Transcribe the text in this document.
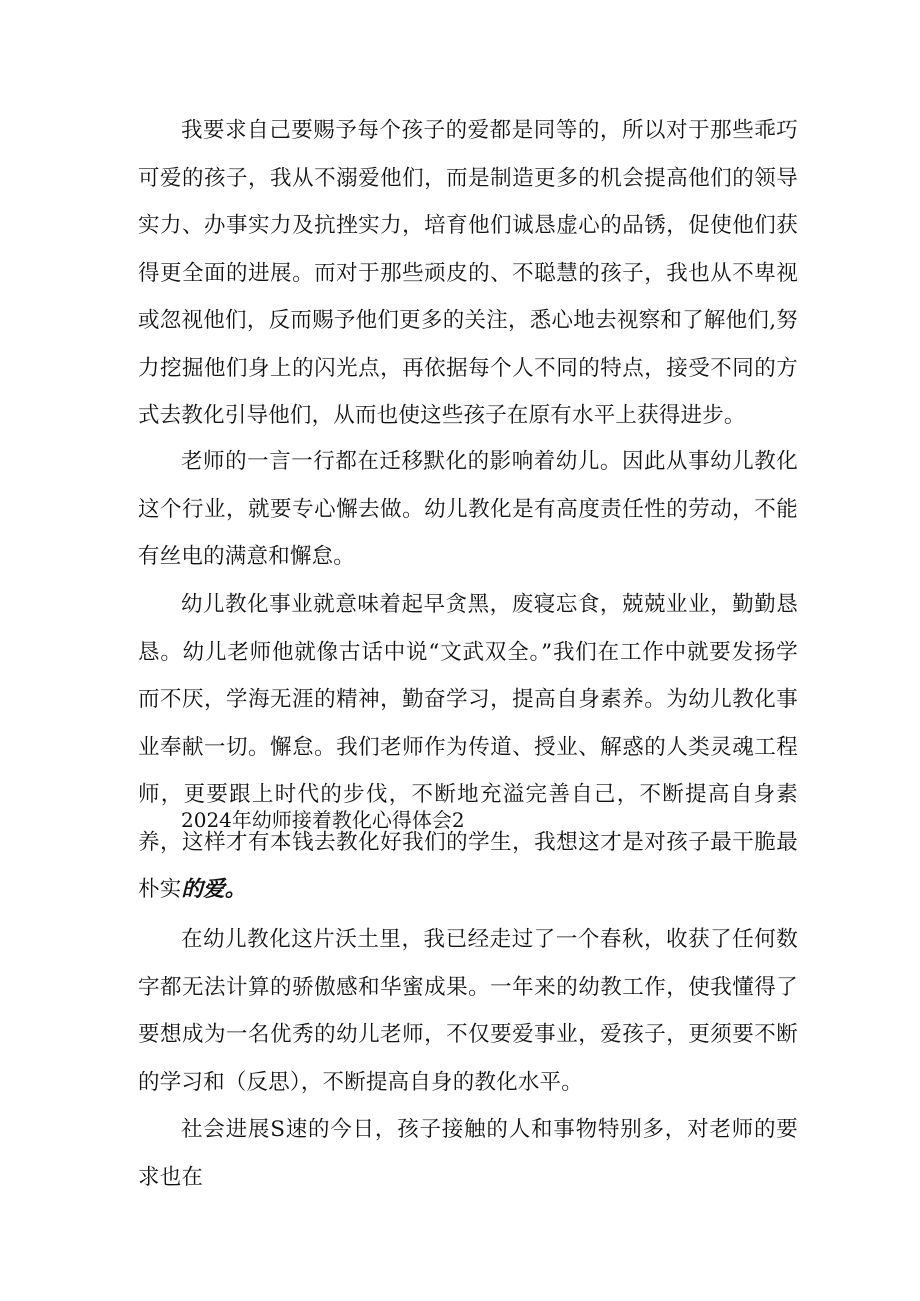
我要求自己要赐予每个孩子的爱都是同等的，所以对于那些乖巧可爱的孩子，我从不溺爱他们，而是制造更多的机会提高他们的领导实力、办事实力及抗挫实力，培育他们诚恳虚心的品锈，促使他们获得更全面的进展。而对于那些顽皮的、不聪慧的孩子，我也从不卑视或忽视他们，反而赐予他们更多的关注，悉心地去视察和了解他们,努力挖掘他们身上的闪光点，再依据每个人不同的特点，接受不同的方式去教化引导他们，从而也使这些孩子在原有水平上获得进步。

老师的一言一行都在迁移默化的影响着幼儿。因此从事幼儿教化这个行业，就要专心懈去做。幼儿教化是有高度责任性的劳动，不能有丝电的满意和懈怠。

幼儿教化事业就意味着起早贪黑，废寝忘食，兢兢业业，勤勤恳恳。幼儿老师他就像古话中说“文武双全。”我们在工作中就要发扬学而不厌，学海无涯的精神，勤奋学习，提高自身素养。为幼儿教化事业奉献一切。懈怠。我们老师作为传道、授业、解惑的人类灵魂工程师，更要跟上时代的步伐，不断地充溢完善自己，不断提高自身素养，这样才有本钱去教化好我们的学生，我想这才是对孩子最干脆最朴实的爱。

2024年幼师接着教化心得体会2

在幼儿教化这片沃土里，我已经走过了一个春秋，收获了任何数字都无法计算的骄傲感和华蜜成果。一年来的幼教工作，使我懂得了要想成为一名优秀的幼儿老师，不仅要爱事业，爱孩子，更须要不断的学习和（反思），不断提高自身的教化水平。

社会进展S速的今日，孩子接触的人和事物特别多，对老师的要求也在
